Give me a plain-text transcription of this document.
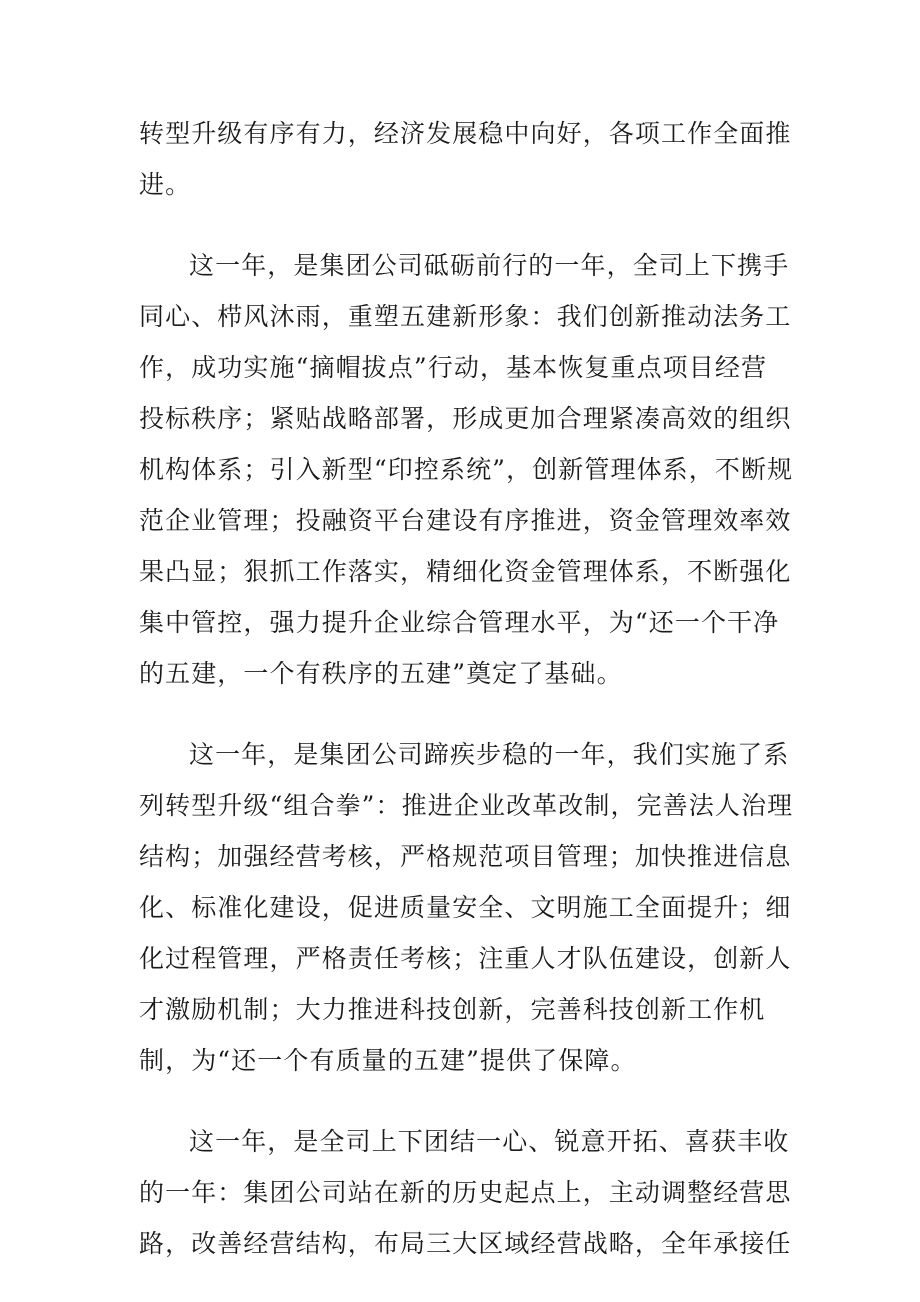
转型升级有序有力，经济发展稳中向好，各项工作全面推
进。

这一年，是集团公司砥砺前行的一年，全司上下携手
同心、栉风沐雨，重塑五建新形象：我们创新推动法务工
作，成功实施“摘帽拔点”行动，基本恢复重点项目经营
投标秩序；紧贴战略部署，形成更加合理紧凑高效的组织
机构体系；引入新型“印控系统”，创新管理体系，不断规
范企业管理；投融资平台建设有序推进，资金管理效率效
果凸显；狠抓工作落实，精细化资金管理体系，不断强化
集中管控，强力提升企业综合管理水平，为“还一个干净
的五建，一个有秩序的五建”奠定了基础。

这一年，是集团公司蹄疾步稳的一年，我们实施了系
列转型升级“组合拳”：推进企业改革改制，完善法人治理
结构；加强经营考核，严格规范项目管理；加快推进信息
化、标准化建设，促进质量安全、文明施工全面提升；细
化过程管理，严格责任考核；注重人才队伍建设，创新人
才激励机制；大力推进科技创新，完善科技创新工作机
制，为“还一个有质量的五建”提供了保障。

这一年，是全司上下团结一心、锐意开拓、喜获丰收
的一年：集团公司站在新的历史起点上，主动调整经营思
路，改善经营结构，布局三大区域经营战略，全年承接任
